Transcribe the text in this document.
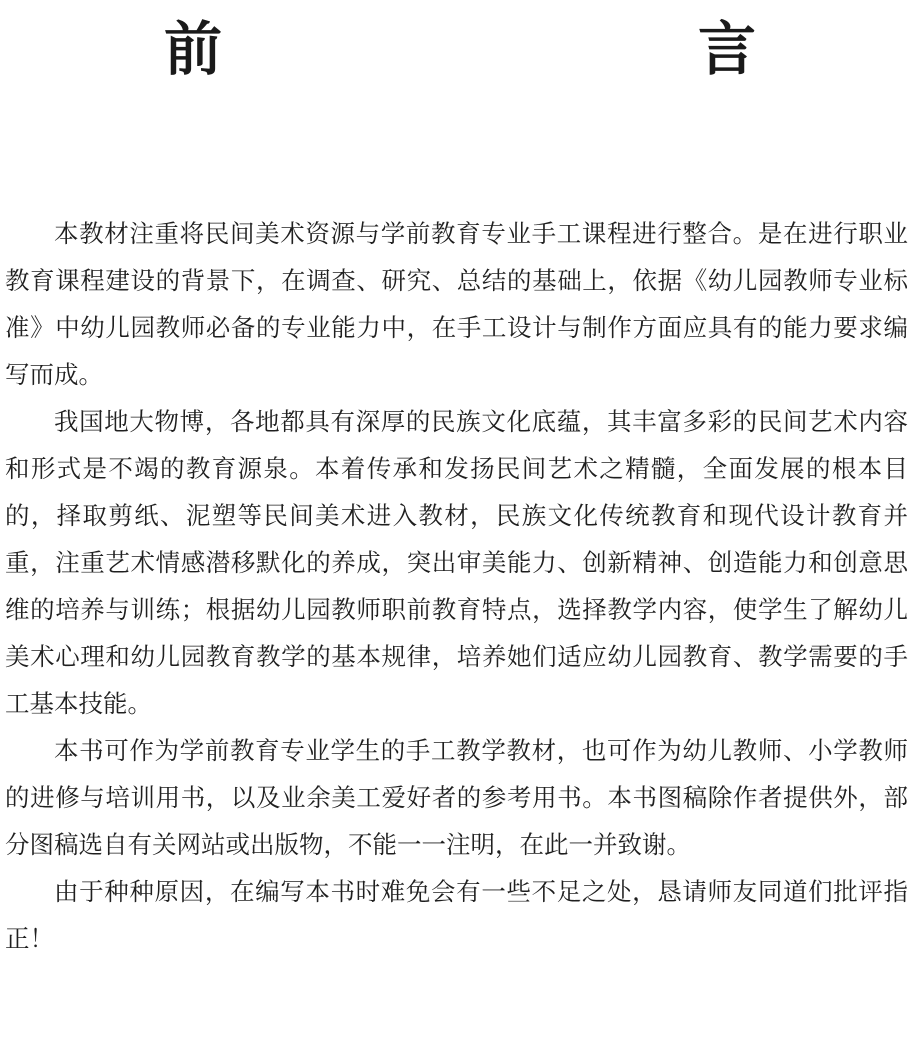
前　　言

本教材注重将民间美术资源与学前教育专业手工课程进行整合。是在进行职业教育课程建设的背景下，在调查、研究、总结的基础上，依据《幼儿园教师专业标准》中幼儿园教师必备的专业能力中，在手工设计与制作方面应具有的能力要求编写而成。

我国地大物博，各地都具有深厚的民族文化底蕴，其丰富多彩的民间艺术内容和形式是不竭的教育源泉。本着传承和发扬民间艺术之精髓，全面发展的根本目的，择取剪纸、泥塑等民间美术进入教材，民族文化传统教育和现代设计教育并重，注重艺术情感潜移默化的养成，突出审美能力、创新精神、创造能力和创意思维的培养与训练；根据幼儿园教师职前教育特点，选择教学内容，使学生了解幼儿美术心理和幼儿园教育教学的基本规律，培养她们适应幼儿园教育、教学需要的手工基本技能。

本书可作为学前教育专业学生的手工教学教材，也可作为幼儿教师、小学教师的进修与培训用书，以及业余美工爱好者的参考用书。本书图稿除作者提供外，部分图稿选自有关网站或出版物，不能一一注明，在此一并致谢。

由于种种原因，在编写本书时难免会有一些不足之处，恳请师友同道们批评指正！
